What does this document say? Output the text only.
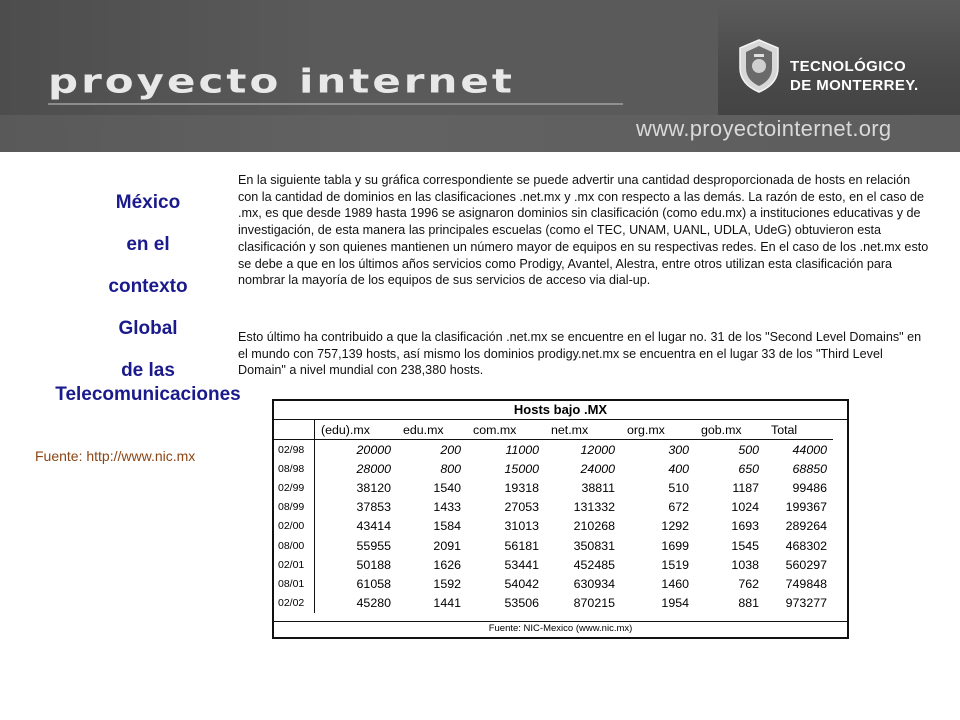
proyecto internet
www.proyectointernet.org
TECNOLÓGICO
DE MONTERREY.
México
en el
contexto
Global
de las
Telecomunicaciones
Fuente: http://www.nic.mx
En la siguiente tabla y su gráfica correspondiente se puede advertir una cantidad desproporcionada de hosts en relación con la cantidad de dominios en las clasificaciones .net.mx y .mx con respecto a las demás. La razón de esto, en el caso de .mx, es que desde 1989 hasta 1996 se asignaron dominios sin clasificación (como edu.mx) a instituciones educativas y de investigación, de esta manera las principales escuelas (como el TEC, UNAM, UANL, UDLA, UdeG) obtuvieron esta clasificación y son quienes mantienen un número mayor de equipos en su respectivas redes. En el caso de los .net.mx esto se debe a que en los últimos años servicios como Prodigy, Avantel, Alestra, entre otros utilizan esta clasificación para nombrar la mayoría de los equipos de sus servicios de acceso via dial-up.
Esto último ha contribuido a que la clasificación .net.mx se encuentre en el lugar no. 31 de los "Second Level Domains" en el mundo con 757,139 hosts, así mismo los dominios prodigy.net.mx se encuentra en el lugar 33 de los "Third Level Domain" a nivel mundial con 238,380 hosts.
Hosts bajo .MX
	(edu).mx	edu.mx	com.mx	net.mx	org.mx	gob.mx	Total
02/98	20000	200	11000	12000	300	500	44000
08/98	28000	800	15000	24000	400	650	68850
02/99	38120	1540	19318	38811	510	1187	99486
08/99	37853	1433	27053	131332	672	1024	199367
02/00	43414	1584	31013	210268	1292	1693	289264
08/00	55955	2091	56181	350831	1699	1545	468302
02/01	50188	1626	53441	452485	1519	1038	560297
08/01	61058	1592	54042	630934	1460	762	749848
02/02	45280	1441	53506	870215	1954	881	973277
Fuente: NIC-Mexico (www.nic.mx)
